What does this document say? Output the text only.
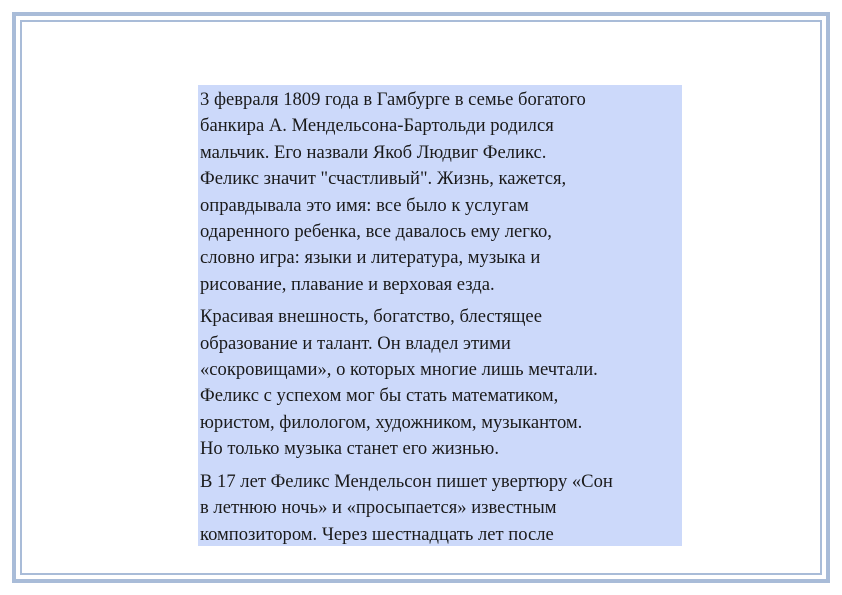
3 февраля 1809 года в Гамбурге в семье богатого
банкира А. Мендельсона-Бартольди родился
мальчик. Его назвали Якоб Людвиг Феликс.
Феликс значит "счастливый". Жизнь, кажется,
оправдывала это имя: все было к услугам
одаренного ребенка, все давалось ему легко,
словно игра: языки и литература, музыка и
рисование, плавание и верховая езда.

Красивая внешность, богатство, блестящее
образование и талант. Он владел этими
«сокровищами», о которых многие лишь мечтали.
Феликс с успехом мог бы стать математиком,
юристом, филологом, художником, музыкантом.
Но только музыка станет его жизнью.

В 17 лет Феликс Мендельсон пишет увертюру «Сон
в летнюю ночь» и «просыпается» известным
композитором. Через шестнадцать лет после
